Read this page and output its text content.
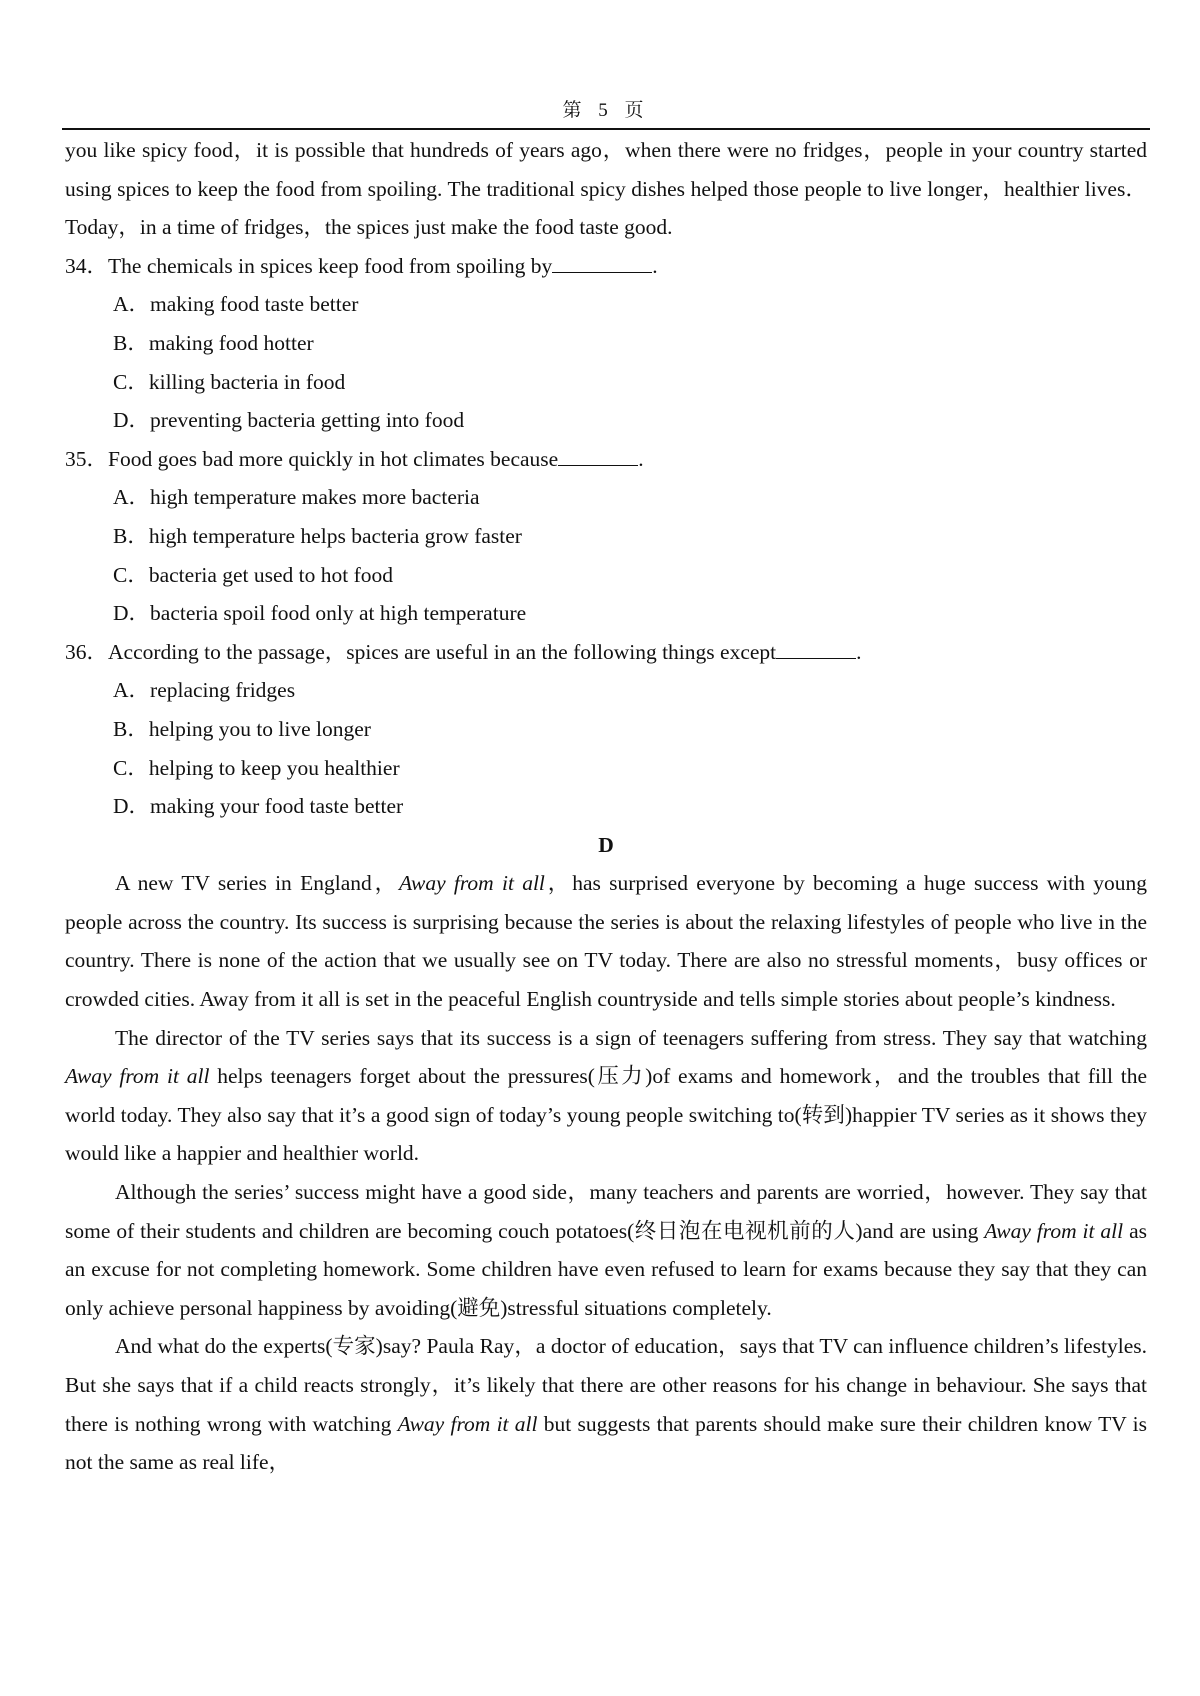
第 5 页

you like spicy food，it is possible that hundreds of years ago，when there were no fridges，people in your country started using spices to keep the food from spoiling. The traditional spicy dishes helped those people to live longer，healthier lives．Today，in a time of fridges，the spices just make the food taste good.

34．The chemicals in spices keep food from spoiling by	.

A．making food taste better

B．making food hotter

C．killing bacteria in food

D．preventing bacteria getting into food

35．Food goes bad more quickly in hot climates because	.

A．high temperature makes more bacteria

B．high temperature helps bacteria grow faster

C．bacteria get used to hot food

D．bacteria spoil food only at high temperature

36．According to the passage，spices are useful in an the following things except	.

A．replacing fridges

B．helping you to live longer

C．helping to keep you healthier

D．making your food taste better

D

A new TV series in England，Away from it all，has surprised everyone by becoming a huge success with young people across the country. Its success is surprising because the series is about the relaxing lifestyles of people who live in the country. There is none of the action that we usually see on TV today. There are also no stressful moments，busy offices or crowded cities. Away from it all is set in the peaceful English countryside and tells simple stories about people’s kindness.

The director of the TV series says that its success is a sign of teenagers suffering from stress. They say that watching Away from it all helps teenagers forget about the pressures(压力)of exams and homework，and the troubles that fill the world today. They also say that it’s a good sign of today’s young people switching to(转到)happier TV series as it shows they would like a happier and healthier world.

Although the series’ success might have a good side，many teachers and parents are worried，however. They say that some of their students and children are becoming couch potatoes(终日泡在电视机前的人)and are using Away from it all as an excuse for not completing homework. Some children have even refused to learn for exams because they say that they can only achieve personal happiness by avoiding(避免)stressful situations completely.

And what do the experts(专家)say? Paula Ray，a doctor of education，says that TV can influence children’s lifestyles. But she says that if a child reacts strongly，it’s likely that there are other reasons for his change in behaviour. She says that there is nothing wrong with watching Away from it all but suggests that parents should make sure their children know TV is not the same as real life，
